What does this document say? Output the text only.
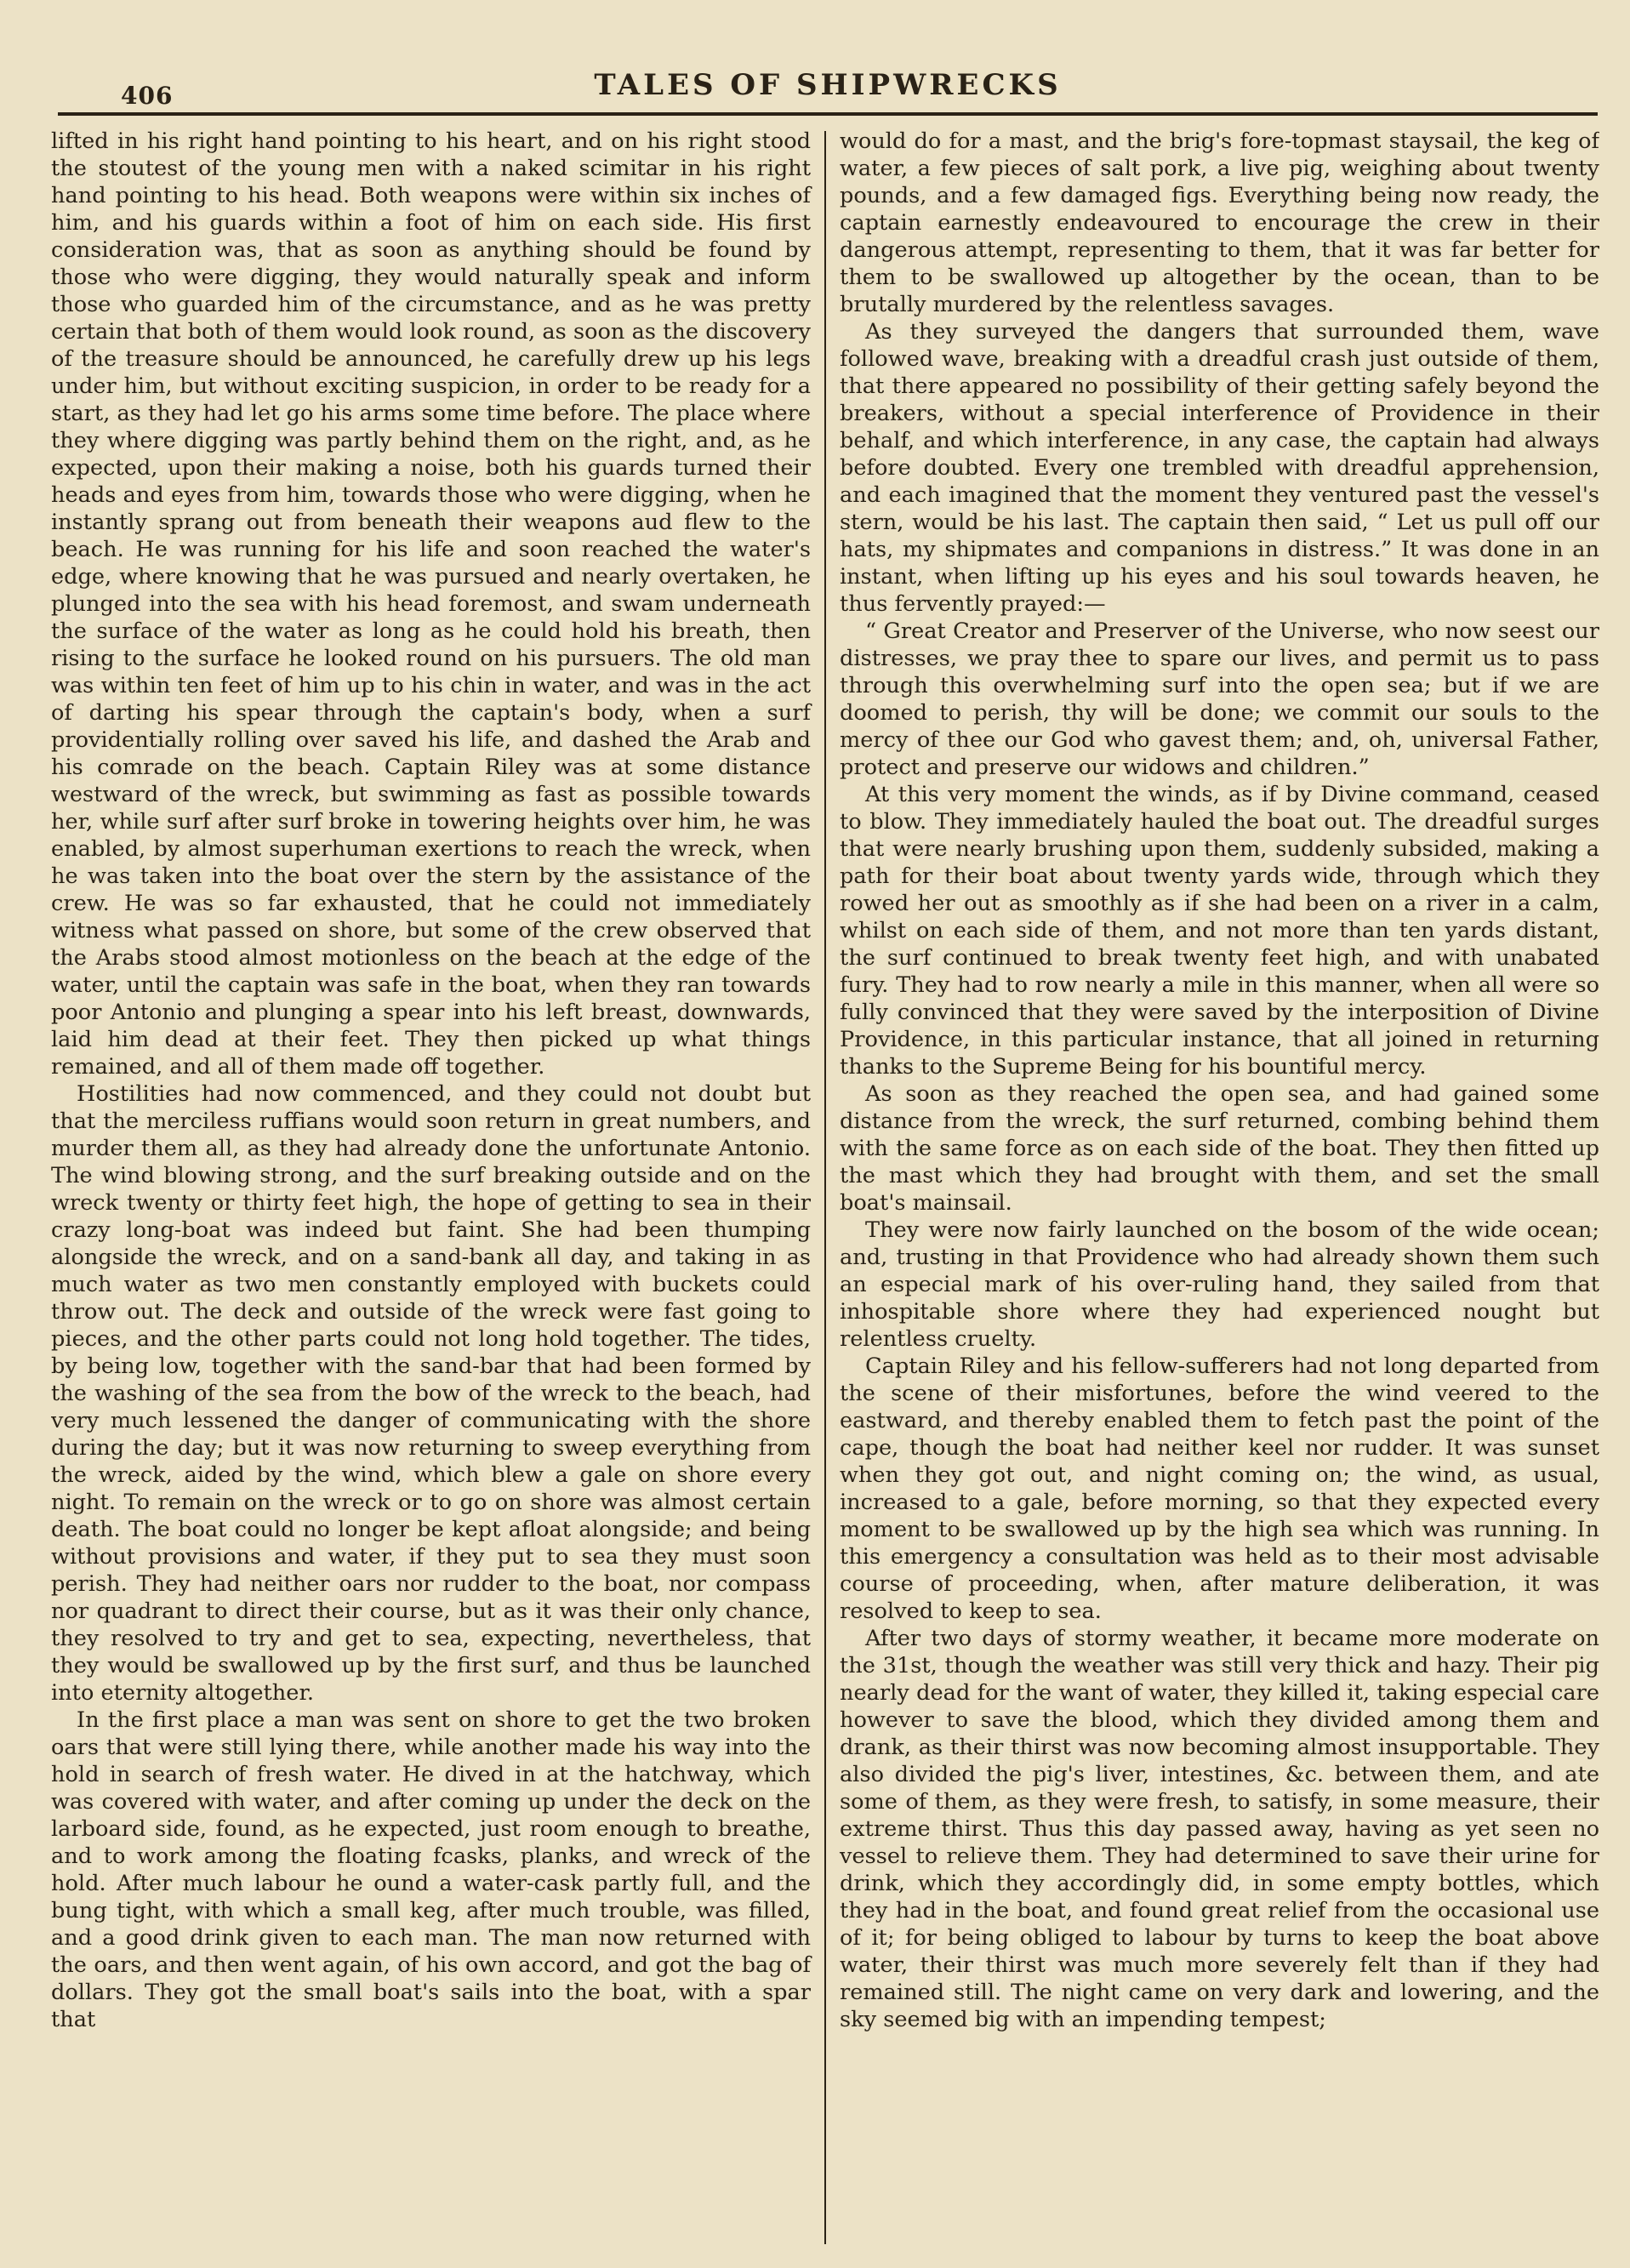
406	TALES OF SHIPWRECKS

lifted in his right hand pointing to his heart, and on his right stood the stoutest of the young men with a naked scimitar in his right hand pointing to his head. Both weapons were within six inches of him, and his guards within a foot of him on each side. His first consideration was, that as soon as anything should be found by those who were digging, they would naturally speak and inform those who guarded him of the circumstance, and as he was pretty certain that both of them would look round, as soon as the discovery of the treasure should be announced, he carefully drew up his legs under him, but without exciting suspicion, in order to be ready for a start, as they had let go his arms some time before. The place where they where digging was partly behind them on the right, and, as he expected, upon their making a noise, both his guards turned their heads and eyes from him, towards those who were digging, when he instantly sprang out from beneath their weapons aud flew to the beach. He was running for his life and soon reached the water's edge, where knowing that he was pursued and nearly overtaken, he plunged into the sea with his head foremost, and swam underneath the surface of the water as long as he could hold his breath, then rising to the surface he looked round on his pursuers. The old man was within ten feet of him up to his chin in water, and was in the act of darting his spear through the captain's body, when a surf providentially rolling over saved his life, and dashed the Arab and his comrade on the beach. Captain Riley was at some distance westward of the wreck, but swimming as fast as possible towards her, while surf after surf broke in towering heights over him, he was enabled, by almost superhuman exertions to reach the wreck, when he was taken into the boat over the stern by the assistance of the crew. He was so far exhausted, that he could not immediately witness what passed on shore, but some of the crew observed that the Arabs stood almost motionless on the beach at the edge of the water, until the captain was safe in the boat, when they ran towards poor Antonio and plunging a spear into his left breast, downwards, laid him dead at their feet. They then picked up what things remained, and all of them made off together.

Hostilities had now commenced, and they could not doubt but that the merciless ruffians would soon return in great numbers, and murder them all, as they had already done the unfortunate Antonio. The wind blowing strong, and the surf breaking outside and on the wreck twenty or thirty feet high, the hope of getting to sea in their crazy long-boat was indeed but faint. She had been thumping alongside the wreck, and on a sand-bank all day, and taking in as much water as two men constantly employed with buckets could throw out. The deck and outside of the wreck were fast going to pieces, and the other parts could not long hold together. The tides, by being low, together with the sand-bar that had been formed by the washing of the sea from the bow of the wreck to the beach, had very much lessened the danger of communicating with the shore during the day; but it was now returning to sweep everything from the wreck, aided by the wind, which blew a gale on shore every night. To remain on the wreck or to go on shore was almost certain death. The boat could no longer be kept afloat alongside; and being without provisions and water, if they put to sea they must soon perish. They had neither oars nor rudder to the boat, nor compass nor quadrant to direct their course, but as it was their only chance, they resolved to try and get to sea, expecting, nevertheless, that they would be swallowed up by the first surf, and thus be launched into eternity altogether.

In the first place a man was sent on shore to get the two broken oars that were still lying there, while another made his way into the hold in search of fresh water. He dived in at the hatchway, which was covered with water, and after coming up under the deck on the larboard side, found, as he expected, just room enough to breathe, and to work among the floating fcasks, planks, and wreck of the hold. After much labour he ound a water-cask partly full, and the bung tight, with which a small keg, after much trouble, was filled, and a good drink given to each man. The man now returned with the oars, and then went again, of his own accord, and got the bag of dollars. They got the small boat's sails into the boat, with a spar that

would do for a mast, and the brig's fore-topmast staysail, the keg of water, a few pieces of salt pork, a live pig, weighing about twenty pounds, and a few damaged figs. Everything being now ready, the captain earnestly endeavoured to encourage the crew in their dangerous attempt, representing to them, that it was far better for them to be swallowed up altogether by the ocean, than to be brutally murdered by the relentless savages.

As they surveyed the dangers that surrounded them, wave followed wave, breaking with a dreadful crash just outside of them, that there appeared no possibility of their getting safely beyond the breakers, without a special interference of Providence in their behalf, and which interference, in any case, the captain had always before doubted. Every one trembled with dreadful apprehension, and each imagined that the moment they ventured past the vessel's stern, would be his last. The captain then said, “ Let us pull off our hats, my shipmates and companions in distress.” It was done in an instant, when lifting up his eyes and his soul towards heaven, he thus fervently prayed:—

“ Great Creator and Preserver of the Universe, who now seest our distresses, we pray thee to spare our lives, and permit us to pass through this overwhelming surf into the open sea; but if we are doomed to perish, thy will be done; we commit our souls to the mercy of thee our God who gavest them; and, oh, universal Father, protect and preserve our widows and children.”

At this very moment the winds, as if by Divine command, ceased to blow. They immediately hauled the boat out. The dreadful surges that were nearly brushing upon them, suddenly subsided, making a path for their boat about twenty yards wide, through which they rowed her out as smoothly as if she had been on a river in a calm, whilst on each side of them, and not more than ten yards distant, the surf continued to break twenty feet high, and with unabated fury. They had to row nearly a mile in this manner, when all were so fully convinced that they were saved by the interposition of Divine Providence, in this particular instance, that all joined in returning thanks to the Supreme Being for his bountiful mercy.

As soon as they reached the open sea, and had gained some distance from the wreck, the surf returned, combing behind them with the same force as on each side of the boat. They then fitted up the mast which they had brought with them, and set the small boat's mainsail.

They were now fairly launched on the bosom of the wide ocean; and, trusting in that Providence who had already shown them such an especial mark of his over-ruling hand, they sailed from that inhospitable shore where they had experienced nought but relentless cruelty.

Captain Riley and his fellow-sufferers had not long departed from the scene of their misfortunes, before the wind veered to the eastward, and thereby enabled them to fetch past the point of the cape, though the boat had neither keel nor rudder. It was sunset when they got out, and night coming on; the wind, as usual, increased to a gale, before morning, so that they expected every moment to be swallowed up by the high sea which was running. In this emergency a consultation was held as to their most advisable course of proceeding, when, after mature deliberation, it was resolved to keep to sea.

After two days of stormy weather, it became more moderate on the 31st, though the weather was still very thick and hazy. Their pig nearly dead for the want of water, they killed it, taking especial care however to save the blood, which they divided among them and drank, as their thirst was now becoming almost insupportable. They also divided the pig's liver, intestines, &c. between them, and ate some of them, as they were fresh, to satisfy, in some measure, their extreme thirst. Thus this day passed away, having as yet seen no vessel to relieve them. They had determined to save their urine for drink, which they accordingly did, in some empty bottles, which they had in the boat, and found great relief from the occasional use of it; for being obliged to labour by turns to keep the boat above water, their thirst was much more severely felt than if they had remained still. The night came on very dark and lowering, and the sky seemed big with an impending tempest;
